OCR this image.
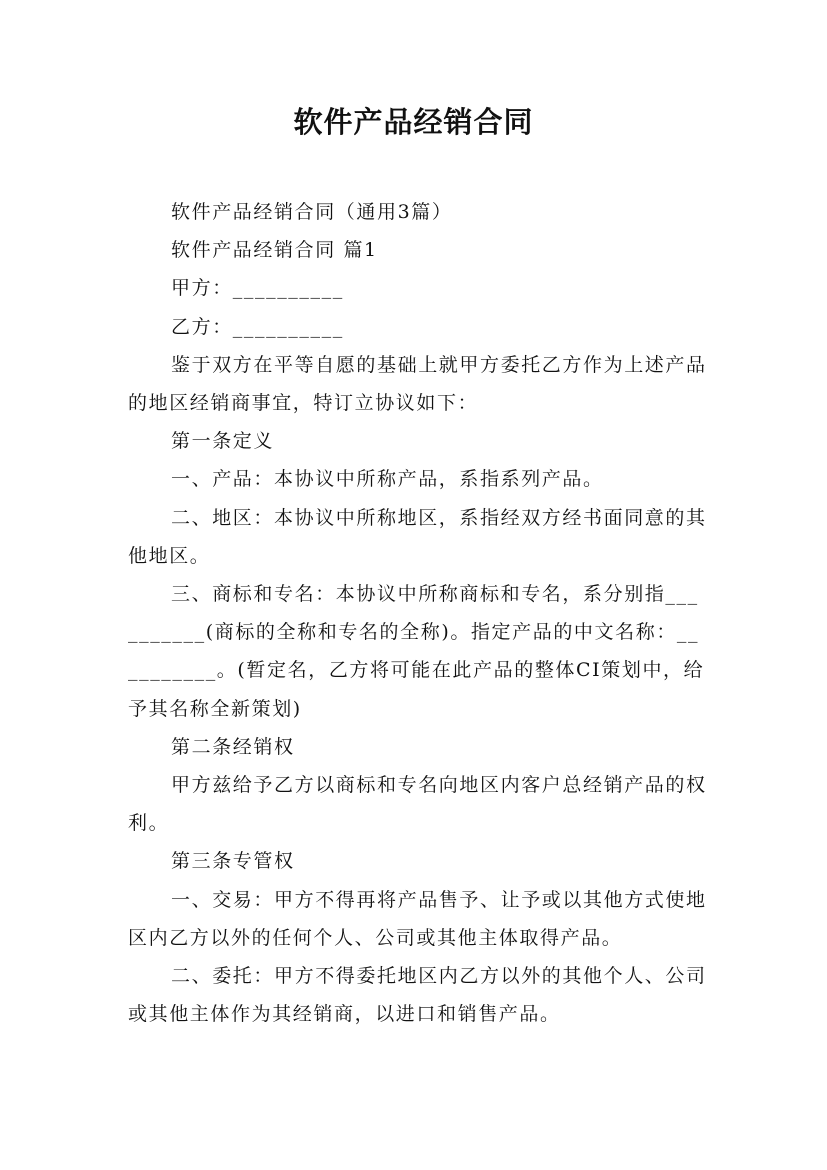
软件产品经销合同

软件产品经销合同（通用3篇）

软件产品经销合同 篇1

甲方：__________

乙方：__________

鉴于双方在平等自愿的基础上就甲方委托乙方作为上述产品的地区经销商事宜，特订立协议如下：

第一条定义

一、产品：本协议中所称产品，系指系列产品。

二、地区：本协议中所称地区，系指经双方经书面同意的其他地区。

三、商标和专名：本协议中所称商标和专名，系分别指__________(商标的全称和专名的全称)。指定产品的中文名称：__________。(暂定名，乙方将可能在此产品的整体CI策划中，给予其名称全新策划)

第二条经销权

甲方兹给予乙方以商标和专名向地区内客户总经销产品的权利。

第三条专管权

一、交易：甲方不得再将产品售予、让予或以其他方式使地区内乙方以外的任何个人、公司或其他主体取得产品。

二、委托：甲方不得委托地区内乙方以外的其他个人、公司或其他主体作为其经销商，以进口和销售产品。
